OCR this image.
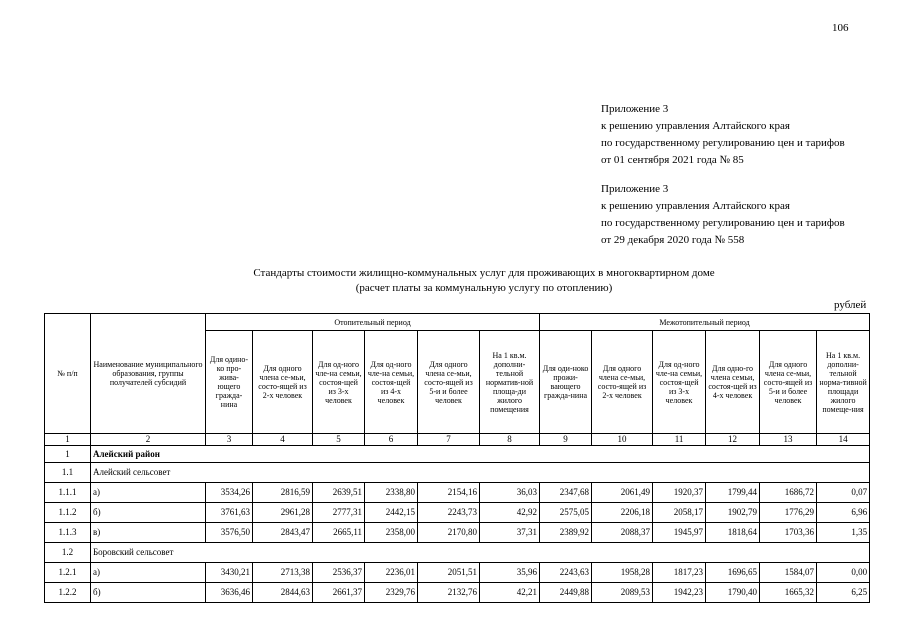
106
Приложение 3
к решению управления Алтайского края
по государственному регулированию цен и тарифов
от 01 сентября 2021 года № 85
Приложение 3
к решению управления Алтайского края
по государственному регулированию цен и тарифов
от 29 декабря 2020 года № 558
Стандарты стоимости жилищно-коммунальных услуг для проживающих в многоквартирном доме
(расчет платы за коммунальную услугу по отоплению)
рублей
№ п/п	Наименование муниципального образования, группы получателей субсидий	Отопительный период						Межотопительный период					
		Для одино-ко про-жива-ющего гражда-нина	Для одного члена се-мьи, состо-ящей из 2-х человек	Для од-ного чле-на семьи, состоя-щей из 3-х человек	Для од-ного чле-на семьи, состоя-щей из 4-х человек	Для одного члена се-мьи, состо-ящей из 5-и и более человек	На 1 кв.м. дополни-тельной норматив-ной площа-ди жилого помещения	Для оди-ноко прожи-вающего гражда-нина	Для одного члена се-мьи, состо-ящей из 2-х человек	Для од-ного чле-на семьи, состоя-щей из 3-х человек	Для одно-го члена семьи, состоя-щей из 4-х человек	Для одного члена се-мьи, состо-ящей из 5-и и более человек	На 1 кв.м. дополни-тельной норма-тивной площади жилого помеще-ния
1	2	3	4	5	6	7	8	9	10	11	12	13	14
1	Алейский район												
1.1	Алейский сельсовет												
1.1.1	а)	3534,26	2816,59	2639,51	2338,80	2154,16	36,03	2347,68	2061,49	1920,37	1799,44	1686,72	0,07
1.1.2	б)	3761,63	2961,28	2777,31	2442,15	2243,73	42,92	2575,05	2206,18	2058,17	1902,79	1776,29	6,96
1.1.3	в)	3576,50	2843,47	2665,11	2358,00	2170,80	37,31	2389,92	2088,37	1945,97	1818,64	1703,36	1,35
1.2	Боровский сельсовет												
1.2.1	а)	3430,21	2713,38	2536,37	2236,01	2051,51	35,96	2243,63	1958,28	1817,23	1696,65	1584,07	0,00
1.2.2	б)	3636,46	2844,63	2661,37	2329,76	2132,76	42,21	2449,88	2089,53	1942,23	1790,40	1665,32	6,25
